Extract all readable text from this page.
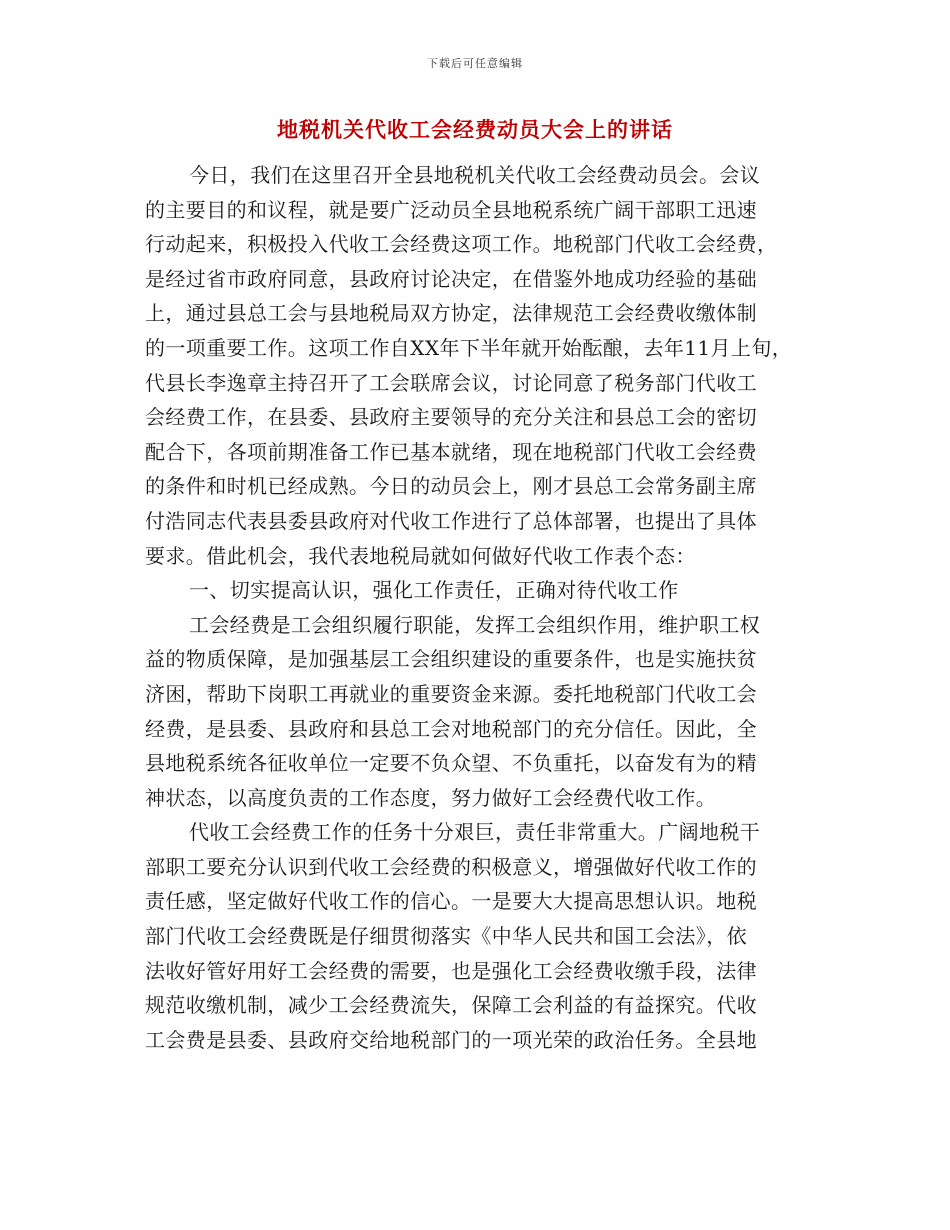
下载后可任意编辑
地税机关代收工会经费动员大会上的讲话
今日，我们在这里召开全县地税机关代收工会经费动员会。会议
的主要目的和议程，就是要广泛动员全县地税系统广阔干部职工迅速
行动起来，积极投入代收工会经费这项工作。地税部门代收工会经费，
是经过省市政府同意，县政府讨论决定，在借鉴外地成功经验的基础
上，通过县总工会与县地税局双方协定，法律规范工会经费收缴体制
的一项重要工作。这项工作自XX年下半年就开始酝酿，去年11月上旬，
代县长李逸章主持召开了工会联席会议，讨论同意了税务部门代收工
会经费工作，在县委、县政府主要领导的充分关注和县总工会的密切
配合下，各项前期准备工作已基本就绪，现在地税部门代收工会经费
的条件和时机已经成熟。今日的动员会上，刚才县总工会常务副主席
付浩同志代表县委县政府对代收工作进行了总体部署，也提出了具体
要求。借此机会，我代表地税局就如何做好代收工作表个态：
一、切实提高认识，强化工作责任，正确对待代收工作
工会经费是工会组织履行职能，发挥工会组织作用，维护职工权
益的物质保障，是加强基层工会组织建设的重要条件，也是实施扶贫
济困，帮助下岗职工再就业的重要资金来源。委托地税部门代收工会
经费，是县委、县政府和县总工会对地税部门的充分信任。因此，全
县地税系统各征收单位一定要不负众望、不负重托，以奋发有为的精
神状态，以高度负责的工作态度，努力做好工会经费代收工作。
代收工会经费工作的任务十分艰巨，责任非常重大。广阔地税干
部职工要充分认识到代收工会经费的积极意义，增强做好代收工作的
责任感，坚定做好代收工作的信心。一是要大大提高思想认识。地税
部门代收工会经费既是仔细贯彻落实《中华人民共和国工会法》，依
法收好管好用好工会经费的需要，也是强化工会经费收缴手段，法律
规范收缴机制，减少工会经费流失，保障工会利益的有益探究。代收
工会费是县委、县政府交给地税部门的一项光荣的政治任务。全县地
